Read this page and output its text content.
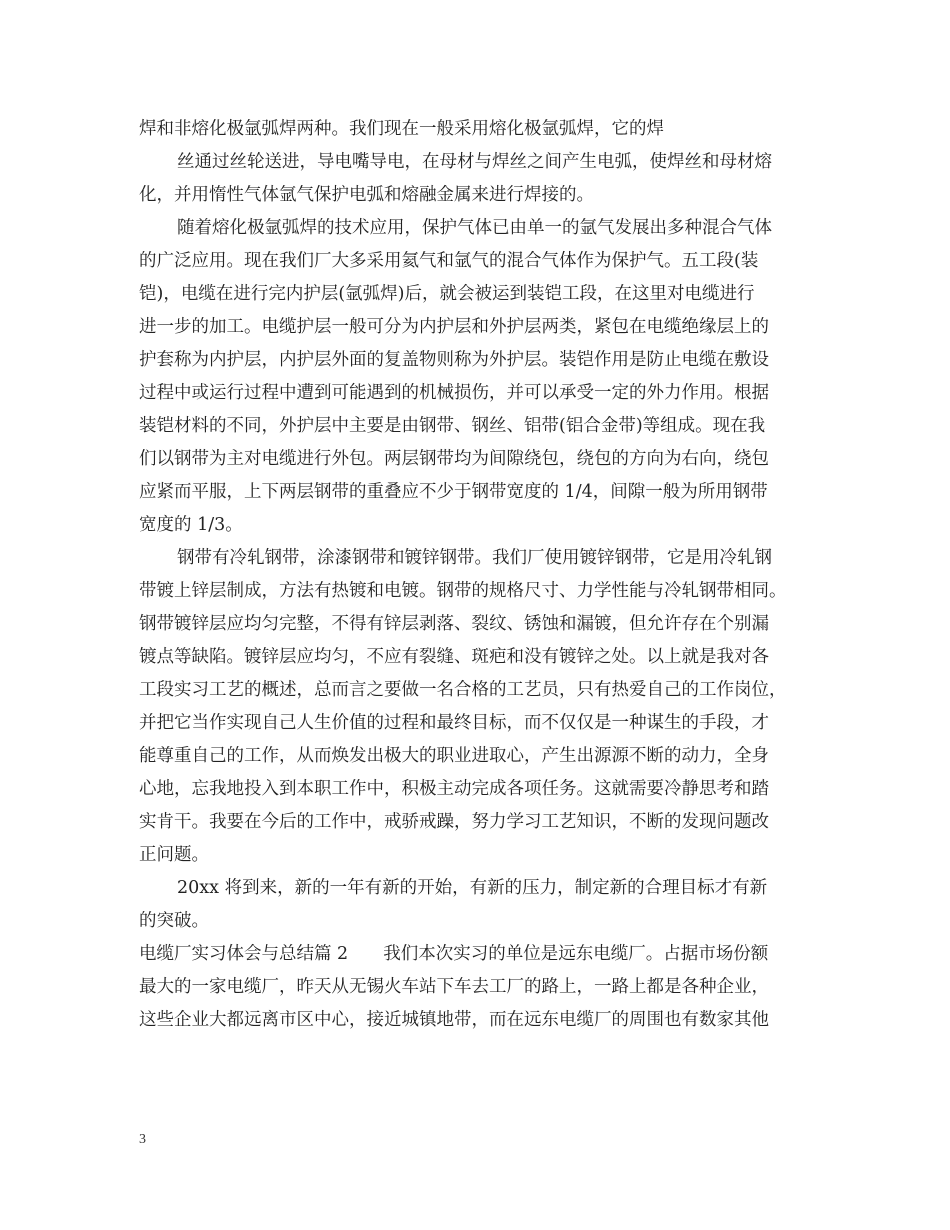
焊和非熔化极氩弧焊两种。我们现在一般采用熔化极氩弧焊，它的焊
丝通过丝轮送进，导电嘴导电，在母材与焊丝之间产生电弧，使焊丝和母材熔
化，并用惰性气体氩气保护电弧和熔融金属来进行焊接的。
随着熔化极氩弧焊的技术应用，保护气体已由单一的氩气发展出多种混合气体
的广泛应用。现在我们厂大多采用氦气和氩气的混合气体作为保护气。五工段(装
铠)，电缆在进行完内护层(氩弧焊)后，就会被运到装铠工段，在这里对电缆进行
进一步的加工。电缆护层一般可分为内护层和外护层两类，紧包在电缆绝缘层上的
护套称为内护层，内护层外面的复盖物则称为外护层。装铠作用是防止电缆在敷设
过程中或运行过程中遭到可能遇到的机械损伤，并可以承受一定的外力作用。根据
装铠材料的不同，外护层中主要是由钢带、钢丝、铝带(铝合金带)等组成。现在我
们以钢带为主对电缆进行外包。两层钢带均为间隙绕包，绕包的方向为右向，绕包
应紧而平服，上下两层钢带的重叠应不少于钢带宽度的 1/4，间隙一般为所用钢带
宽度的 1/3。
钢带有冷轧钢带，涂漆钢带和镀锌钢带。我们厂使用镀锌钢带，它是用冷轧钢
带镀上锌层制成，方法有热镀和电镀。钢带的规格尺寸、力学性能与冷轧钢带相同。
钢带镀锌层应均匀完整，不得有锌层剥落、裂纹、锈蚀和漏镀，但允许存在个别漏
镀点等缺陷。镀锌层应均匀，不应有裂缝、斑疤和没有镀锌之处。以上就是我对各
工段实习工艺的概述，总而言之要做一名合格的工艺员，只有热爱自己的工作岗位，
并把它当作实现自己人生价值的过程和最终目标，而不仅仅是一种谋生的手段，才
能尊重自己的工作，从而焕发出极大的职业进取心，产生出源源不断的动力，全身
心地，忘我地投入到本职工作中，积极主动完成各项任务。这就需要冷静思考和踏
实肯干。我要在今后的工作中，戒骄戒躁，努力学习工艺知识，不断的发现问题改
正问题。
20xx 将到来，新的一年有新的开始，有新的压力，制定新的合理目标才有新
的突破。
电缆厂实习体会与总结篇 2　　我们本次实习的单位是远东电缆厂。占据市场份额
最大的一家电缆厂，昨天从无锡火车站下车去工厂的路上，一路上都是各种企业，
这些企业大都远离市区中心，接近城镇地带，而在远东电缆厂的周围也有数家其他
3
